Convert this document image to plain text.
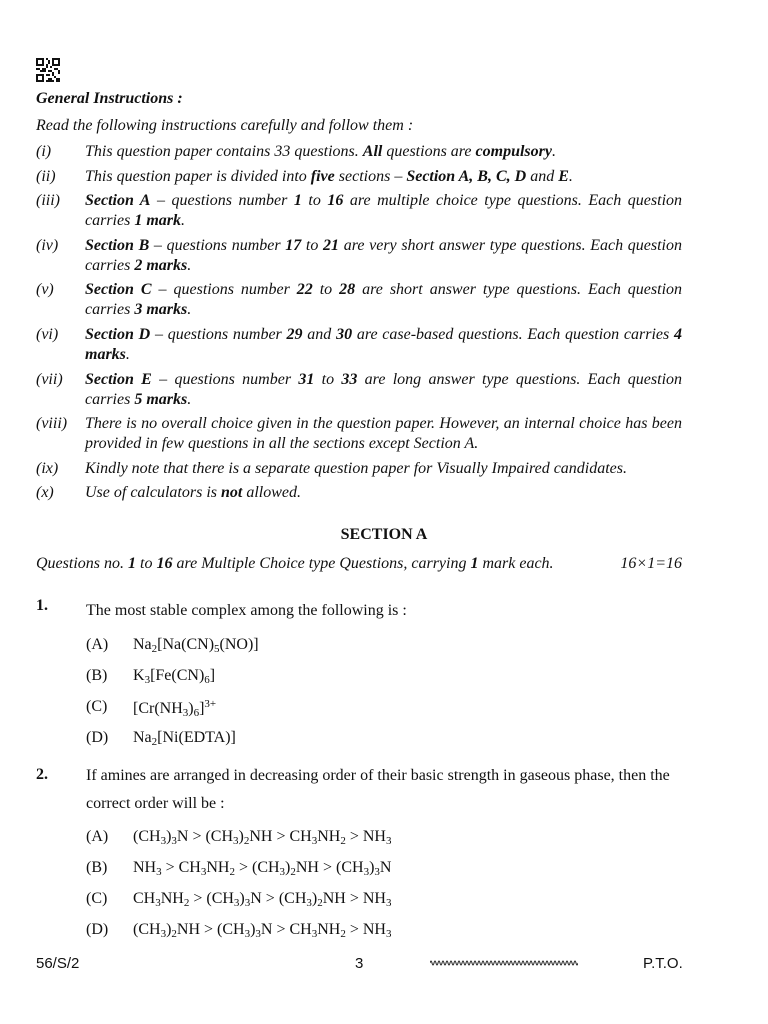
General Instructions :
Read the following instructions carefully and follow them :
(i) This question paper contains 33 questions. All questions are compulsory.
(ii) This question paper is divided into five sections – Section A, B, C, D and E.
(iii) Section A – questions number 1 to 16 are multiple choice type questions. Each question carries 1 mark.
(iv) Section B – questions number 17 to 21 are very short answer type questions. Each question carries 2 marks.
(v) Section C – questions number 22 to 28 are short answer type questions. Each question carries 3 marks.
(vi) Section D – questions number 29 and 30 are case-based questions. Each question carries 4 marks.
(vii) Section E – questions number 31 to 33 are long answer type questions. Each question carries 5 marks.
(viii) There is no overall choice given in the question paper. However, an internal choice has been provided in few questions in all the sections except Section A.
(ix) Kindly note that there is a separate question paper for Visually Impaired candidates.
(x) Use of calculators is not allowed.
SECTION A
Questions no. 1 to 16 are Multiple Choice type Questions, carrying 1 mark each.	16×1=16
1. The most stable complex among the following is :
(A) $Na_2[Na(CN)_5(NO)]$
(B) $K_3[Fe(CN)_6]$
(C) $[Cr(NH_3)_6]^{3+}$
(D) $Na_2[Ni(EDTA)]$
2. If amines are arranged in decreasing order of their basic strength in gaseous phase, then the correct order will be :
(A) $(CH_3)_3N > (CH_3)_2NH > CH_3NH_2 > NH_3$
(B) $NH_3 > CH_3NH_2 > (CH_3)_2NH > (CH_3)_3N$
(C) $CH_3NH_2 > (CH_3)_3N > (CH_3)_2NH > NH_3$
(D) $(CH_3)_2NH > (CH_3)_3N > CH_3NH_2 > NH_3$
56/S/2	3	P.T.O.
